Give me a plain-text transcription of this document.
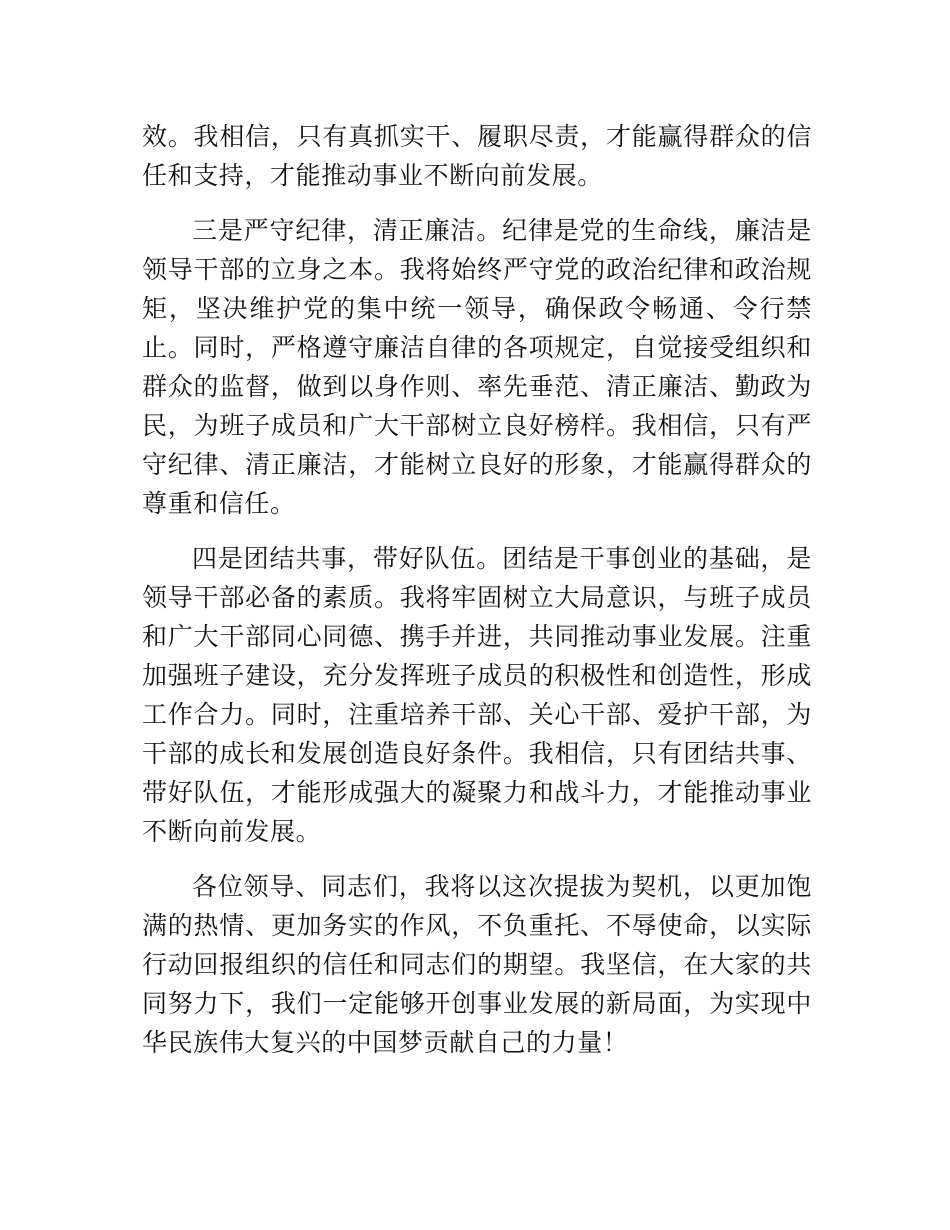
效。我相信，只有真抓实干、履职尽责，才能赢得群众的信任和支持，才能推动事业不断向前发展。

三是严守纪律，清正廉洁。纪律是党的生命线，廉洁是领导干部的立身之本。我将始终严守党的政治纪律和政治规矩，坚决维护党的集中统一领导，确保政令畅通、令行禁止。同时，严格遵守廉洁自律的各项规定，自觉接受组织和群众的监督，做到以身作则、率先垂范、清正廉洁、勤政为民，为班子成员和广大干部树立良好榜样。我相信，只有严守纪律、清正廉洁，才能树立良好的形象，才能赢得群众的尊重和信任。

四是团结共事，带好队伍。团结是干事创业的基础，是领导干部必备的素质。我将牢固树立大局意识，与班子成员和广大干部同心同德、携手并进，共同推动事业发展。注重加强班子建设，充分发挥班子成员的积极性和创造性，形成工作合力。同时，注重培养干部、关心干部、爱护干部，为干部的成长和发展创造良好条件。我相信，只有团结共事、带好队伍，才能形成强大的凝聚力和战斗力，才能推动事业不断向前发展。

各位领导、同志们，我将以这次提拔为契机，以更加饱满的热情、更加务实的作风，不负重托、不辱使命，以实际行动回报组织的信任和同志们的期望。我坚信，在大家的共同努力下，我们一定能够开创事业发展的新局面，为实现中华民族伟大复兴的中国梦贡献自己的力量！
